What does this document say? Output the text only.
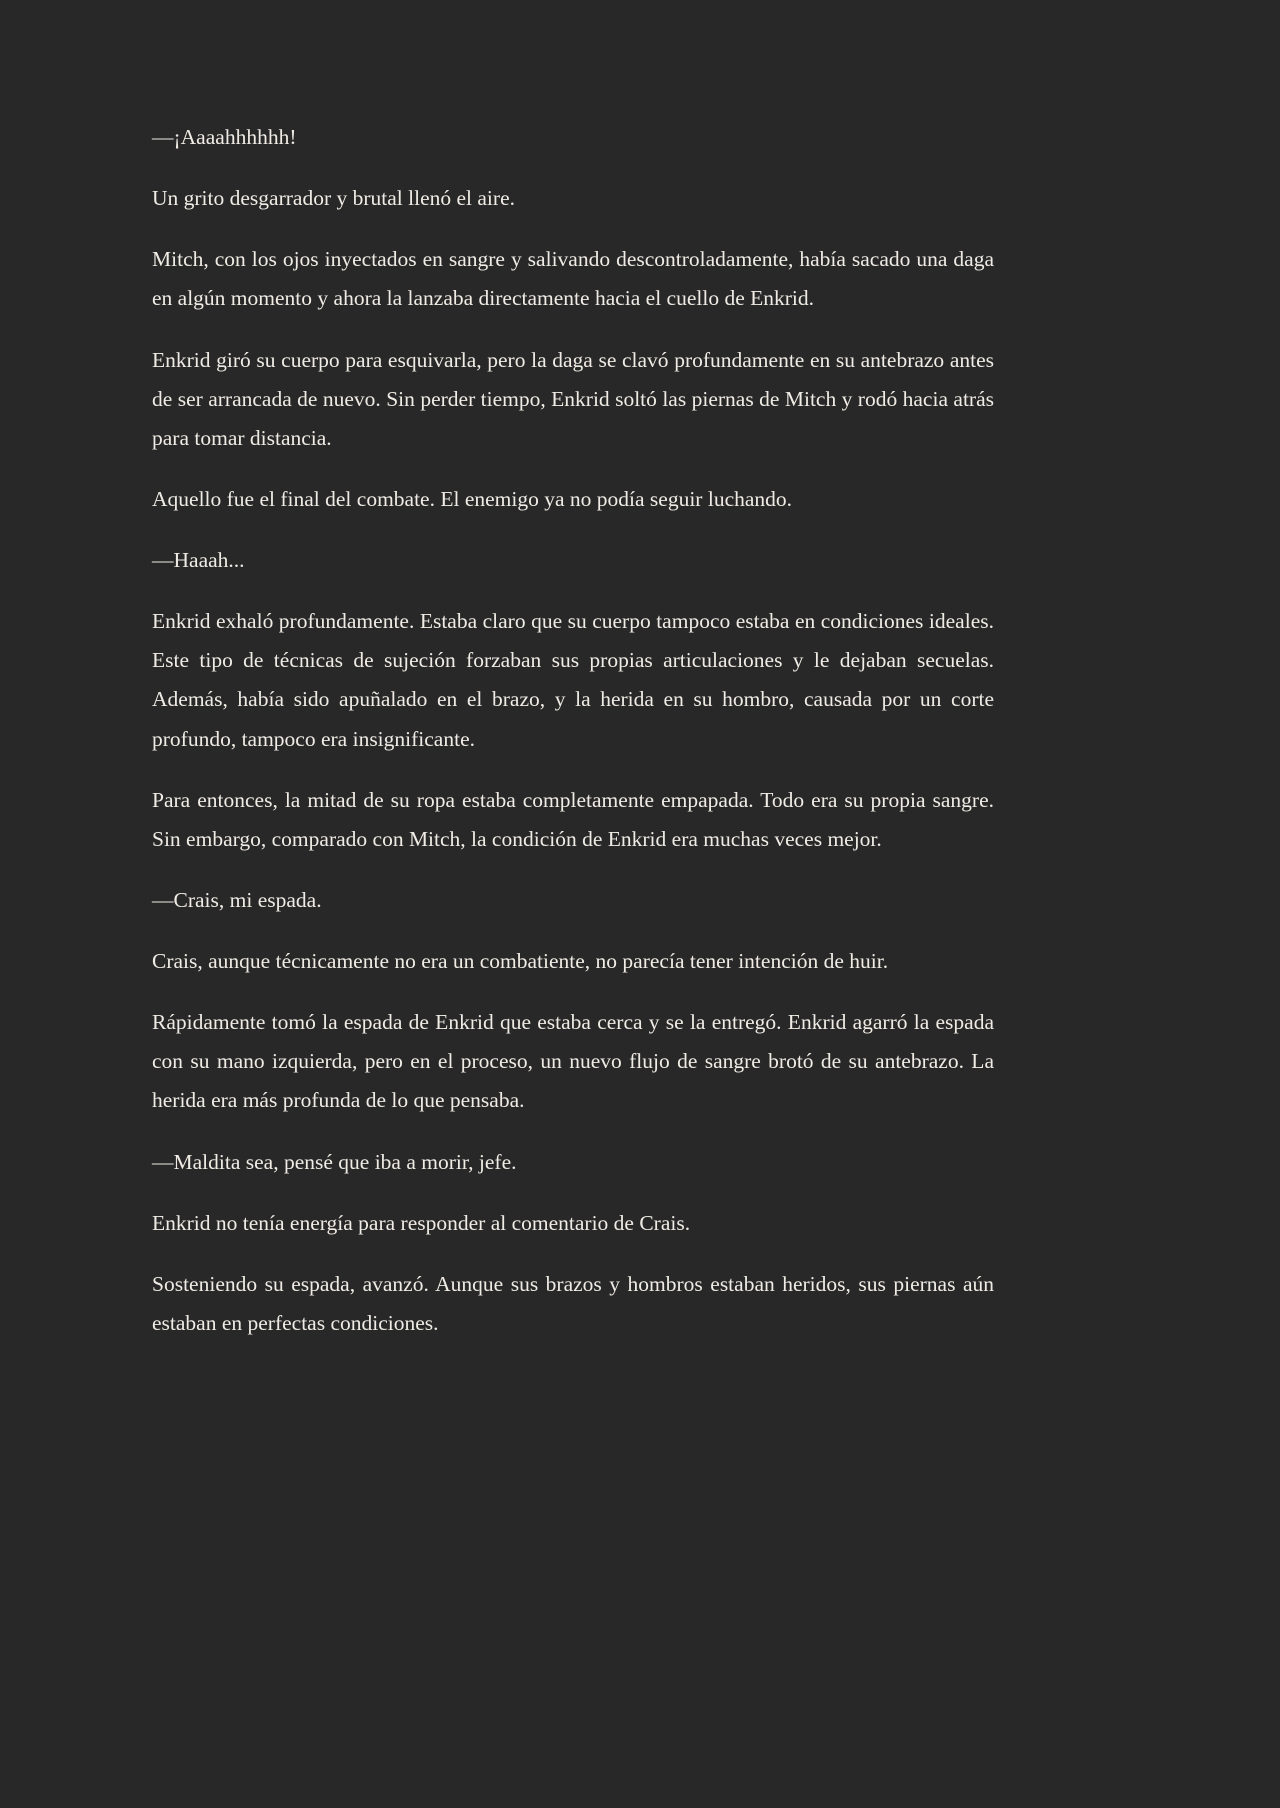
—¡Aaaahhhhhh!

Un grito desgarrador y brutal llenó el aire.

Mitch, con los ojos inyectados en sangre y salivando descontroladamente, había sacado una daga en algún momento y ahora la lanzaba directamente hacia el cuello de Enkrid.

Enkrid giró su cuerpo para esquivarla, pero la daga se clavó profundamente en su antebrazo antes de ser arrancada de nuevo. Sin perder tiempo, Enkrid soltó las piernas de Mitch y rodó hacia atrás para tomar distancia.

Aquello fue el final del combate. El enemigo ya no podía seguir luchando.

—Haaah...

Enkrid exhaló profundamente. Estaba claro que su cuerpo tampoco estaba en condiciones ideales. Este tipo de técnicas de sujeción forzaban sus propias articulaciones y le dejaban secuelas. Además, había sido apuñalado en el brazo, y la herida en su hombro, causada por un corte profundo, tampoco era insignificante.

Para entonces, la mitad de su ropa estaba completamente empapada. Todo era su propia sangre. Sin embargo, comparado con Mitch, la condición de Enkrid era muchas veces mejor.

—Crais, mi espada.

Crais, aunque técnicamente no era un combatiente, no parecía tener intención de huir.

Rápidamente tomó la espada de Enkrid que estaba cerca y se la entregó. Enkrid agarró la espada con su mano izquierda, pero en el proceso, un nuevo flujo de sangre brotó de su antebrazo. La herida era más profunda de lo que pensaba.

—Maldita sea, pensé que iba a morir, jefe.

Enkrid no tenía energía para responder al comentario de Crais.

Sosteniendo su espada, avanzó. Aunque sus brazos y hombros estaban heridos, sus piernas aún estaban en perfectas condiciones.
